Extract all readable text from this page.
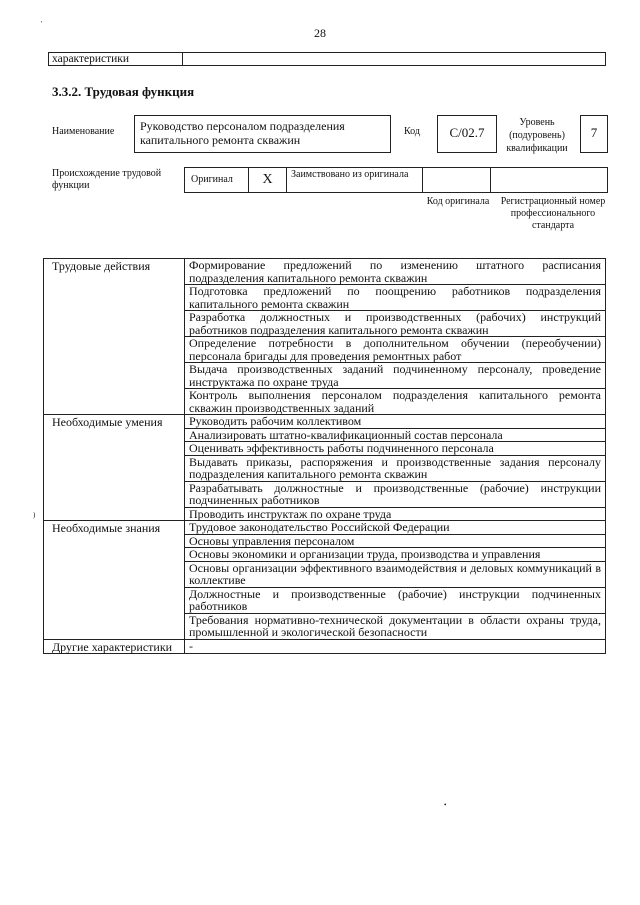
'
)
•
28
характеристики
3.3.2. Трудовая функция
Наименование	Руководство персоналом подразделения капитального ремонта скважин
Код	С/02.7
Уровень (подуровень) квалификации
7
Происхождение трудовой функции
Оригинал	X	Заимствовано из оригинала
Код оригинала Регистрационный номер профессионального стандарта
Трудовые действия	Формирование предложений по изменению штатного расписания подразделения капитального ремонта скважин
	Подготовка предложений по поощрению работников подразделения капитального ремонта скважин
	Разработка должностных и производственных (рабочих) инструкций работников подразделения капитального ремонта скважин
	Определение потребности в дополнительном обучении (переобучении) персонала бригады для проведения ремонтных работ
	Выдача производственных заданий подчиненному персоналу, проведение инструктажа по охране труда
	Контроль выполнения персоналом подразделения капитального ремонта скважин производственных заданий
Необходимые умения	Руководить рабочим коллективом
	Анализировать штатно-квалификационный состав персонала
	Оценивать эффективность работы подчиненного персонала
	Выдавать приказы, распоряжения и производственные задания персоналу подразделения капитального ремонта скважин
	Разрабатывать должностные и производственные (рабочие) инструкции подчиненных работников
	Проводить инструктаж по охране труда
Необходимые знания	Трудовое законодательство Российской Федерации
	Основы управления персоналом
	Основы экономики и организации труда, производства и управления
	Основы организации эффективного взаимодействия и деловых коммуникаций в коллективе
	Должностные и производственные (рабочие) инструкции подчиненных работников
	Требования нормативно-технической документации в области охраны труда, промышленной и экологической безопасности
Другие характеристики	-
